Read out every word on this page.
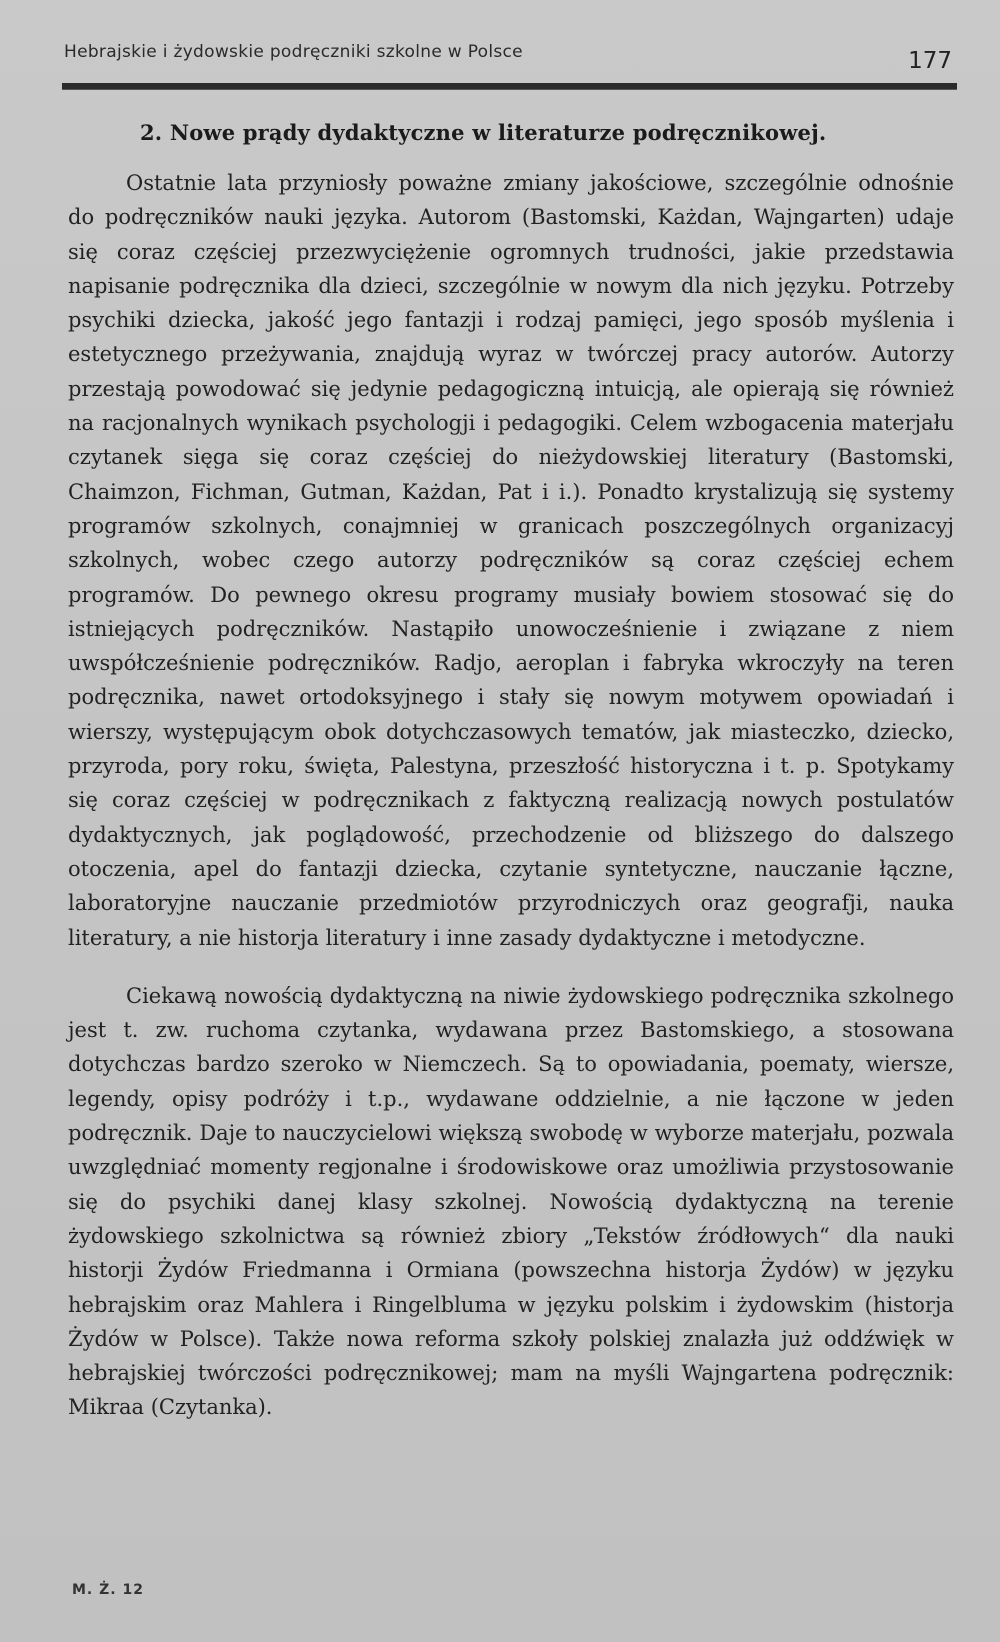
Hebrajskie i żydowskie podręczniki szkolne w Polsce	177
2. Nowe prądy dydaktyczne w literaturze podręcznikowej.

Ostatnie lata przyniosły poważne zmiany jakościowe, szczególnie odnośnie do podręczników nauki języka. Autorom (Bastomski, Każdan, Wajngarten) udaje się coraz częściej przezwyciężenie ogromnych trudności, jakie przedstawia napisanie podręcznika dla dzieci, szczególnie w nowym dla nich języku. Potrzeby psychiki dziecka, jakość jego fantazji i rodzaj pamięci, jego sposób myślenia i estetycznego przeżywania, znajdują wyraz w twórczej pracy autorów. Autorzy przestają powodować się jedynie pedagogiczną intuicją, ale opierają się również na racjonalnych wynikach psychologji i pedagogiki. Celem wzbogacenia materjału czytanek sięga się coraz częściej do nieżydowskiej literatury (Bastomski, Chaimzon, Fichman, Gutman, Każdan, Pat i i.). Ponadto krystalizują się systemy programów szkolnych, conajmniej w granicach poszczególnych organizacyj szkolnych, wobec czego autorzy podręczników są coraz częściej echem programów. Do pewnego okresu programy musiały bowiem stosować się do istniejących podręczników. Nastąpiło unowocześnienie i związane z niem uwspółcześnienie podręczników. Radjo, aeroplan i fabryka wkroczyły na teren podręcznika, nawet ortodoksyjnego i stały się nowym motywem opowiadań i wierszy, występującym obok dotychczasowych tematów, jak miasteczko, dziecko, przyroda, pory roku, święta, Palestyna, przeszłość historyczna i t. p. Spotykamy się coraz częściej w podręcznikach z faktyczną realizacją nowych postulatów dydaktycznych, jak poglądowość, przechodzenie od bliższego do dalszego otoczenia, apel do fantazji dziecka, czytanie syntetyczne, nauczanie łączne, laboratoryjne nauczanie przedmiotów przyrodniczych oraz geografji, nauka literatury, a nie historja literatury i inne zasady dydaktyczne i metodyczne.

Ciekawą nowością dydaktyczną na niwie żydowskiego podręcznika szkolnego jest t. zw. ruchoma czytanka, wydawana przez Bastomskiego, a stosowana dotychczas bardzo szeroko w Niemczech. Są to opowiadania, poematy, wiersze, legendy, opisy podróży i t.p., wydawane oddzielnie, a nie łączone w jeden podręcznik. Daje to nauczycielowi większą swobodę w wyborze materjału, pozwala uwzględniać momenty regjonalne i środowiskowe oraz umożliwia przystosowanie się do psychiki danej klasy szkolnej. Nowością dydaktyczną na terenie żydowskiego szkolnictwa są również zbiory „Tekstów źródłowych“ dla nauki historji Żydów Friedmanna i Ormiana (powszechna historja Żydów) w języku hebrajskim oraz Mahlera i Ringelbluma w języku polskim i żydowskim (historja Żydów w Polsce). Także nowa reforma szkoły polskiej znalazła już oddźwięk w hebrajskiej twórczości podręcznikowej; mam na myśli Wajngartena podręcznik: Mikraa (Czytanka).

M. Ż. 12
